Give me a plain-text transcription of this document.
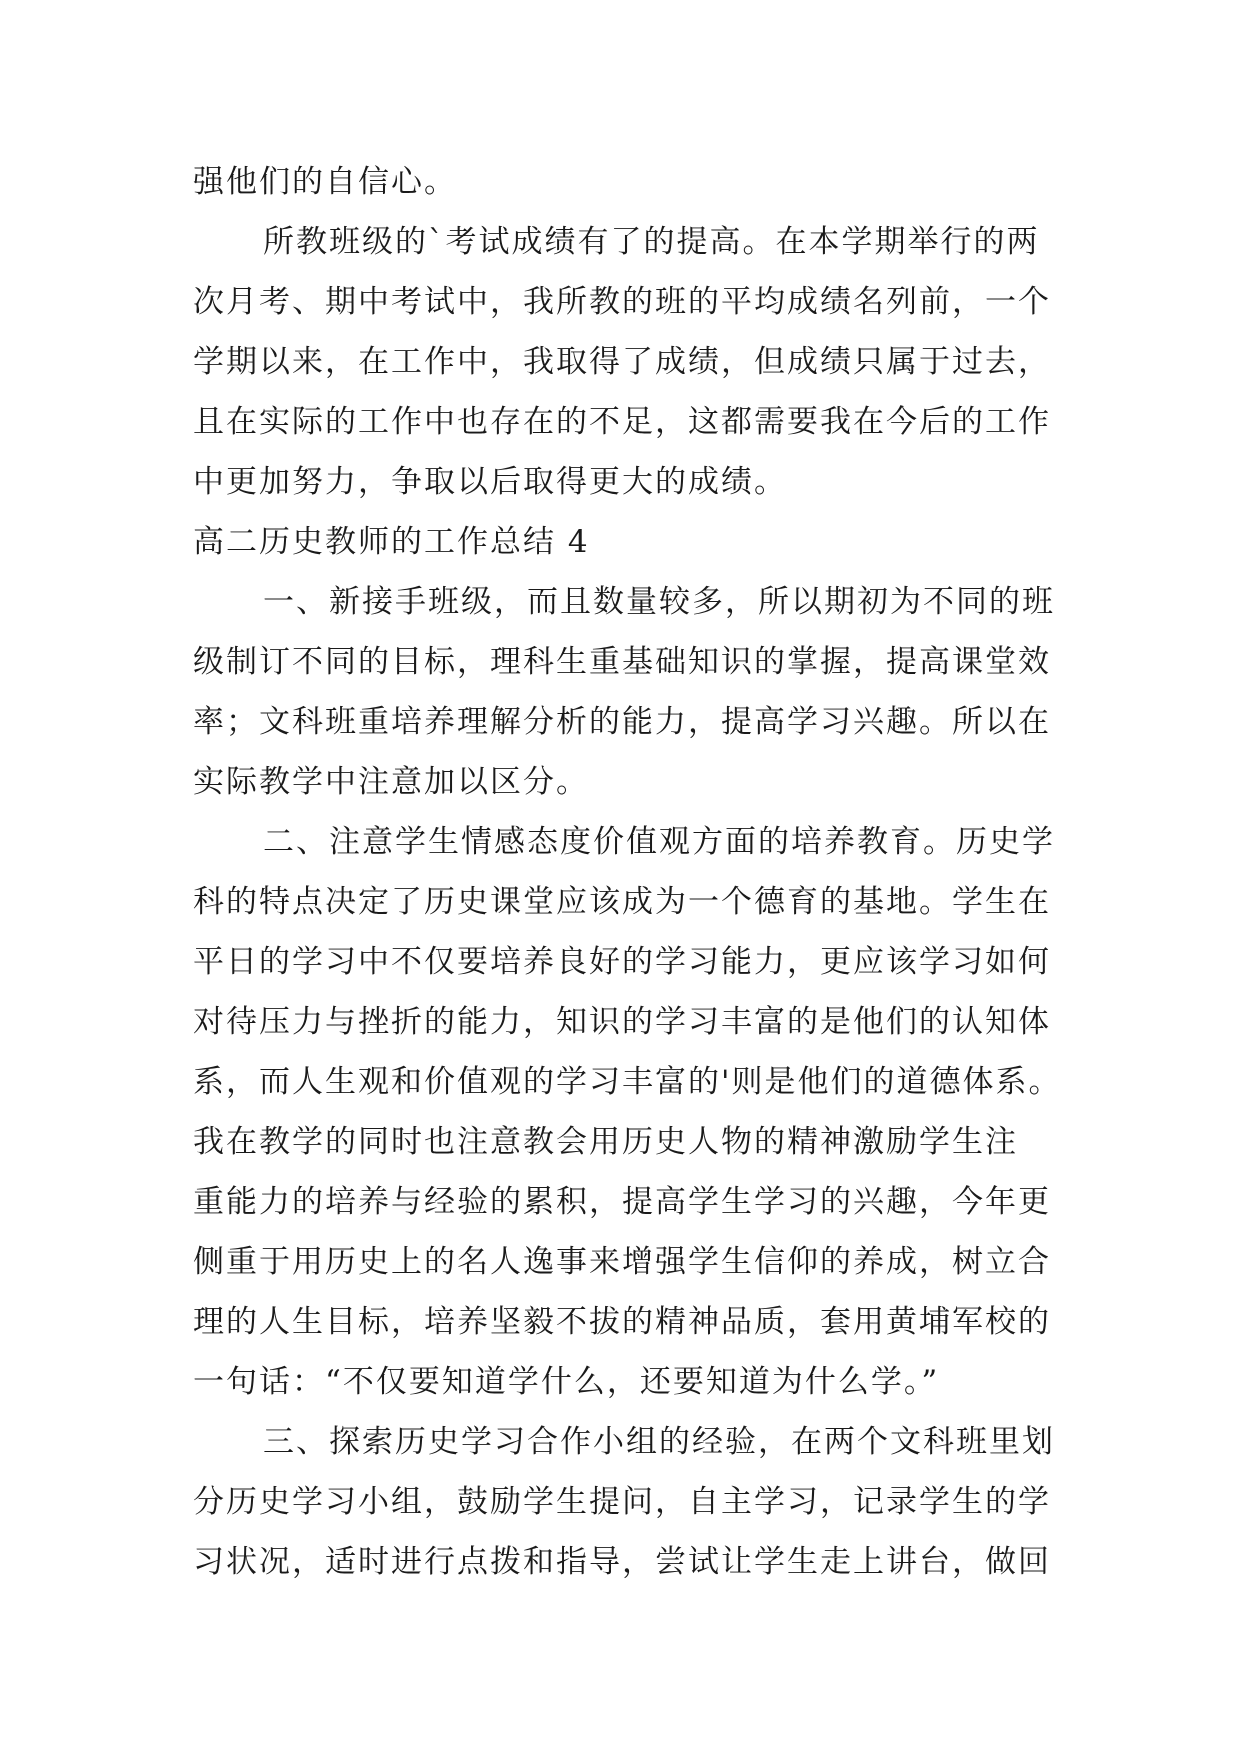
强他们的自信心。
所教班级的`考试成绩有了的提高。在本学期举行的两
次月考、期中考试中，我所教的班的平均成绩名列前，一个
学期以来，在工作中，我取得了成绩，但成绩只属于过去，
且在实际的工作中也存在的不足，这都需要我在今后的工作
中更加努力，争取以后取得更大的成绩。
高二历史教师的工作总结 4
一、新接手班级，而且数量较多，所以期初为不同的班
级制订不同的目标，理科生重基础知识的掌握，提高课堂效
率；文科班重培养理解分析的能力，提高学习兴趣。所以在
实际教学中注意加以区分。
二、注意学生情感态度价值观方面的培养教育。历史学
科的特点决定了历史课堂应该成为一个德育的基地。学生在
平日的学习中不仅要培养良好的学习能力，更应该学习如何
对待压力与挫折的能力，知识的学习丰富的是他们的认知体
系，而人生观和价值观的学习丰富的'则是他们的道德体系。
我在教学的同时也注意教会用历史人物的精神激励学生注
重能力的培养与经验的累积，提高学生学习的兴趣，今年更
侧重于用历史上的名人逸事来增强学生信仰的养成，树立合
理的人生目标，培养坚毅不拔的精神品质，套用黄埔军校的
一句话：“不仅要知道学什么，还要知道为什么学。”
三、探索历史学习合作小组的经验，在两个文科班里划
分历史学习小组，鼓励学生提问，自主学习，记录学生的学
习状况，适时进行点拨和指导，尝试让学生走上讲台，做回
